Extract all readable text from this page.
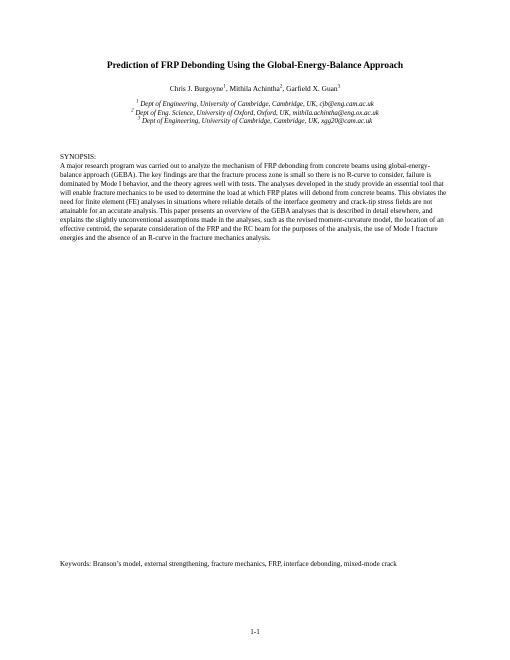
Prediction of FRP Debonding Using the Global-Energy-Balance Approach
Chris J. Burgoyne$^1$, Mithila Achintha$^2$, Garfield X. Guan$^3$
$^1$ Dept of Engineering, University of Cambridge, Cambridge, UK, cjb@eng.cam.ac.uk
$^2$ Dept of Eng. Science, University of Oxford, Oxford, UK, mithila.achintha@eng.ox.ac.uk
$^3$ Dept of Engineering, University of Cambridge, Cambridge, UK, xgg20@cam.ac.uk
SYNOPSIS:
A major research program was carried out to analyze the mechanism of FRP debonding from concrete beams using global-energy-balance approach (GEBA). The key findings are that the fracture process zone is small so there is no R-curve to consider, failure is dominated by Mode I behavior, and the theory agrees well with tests. The analyses developed in the study provide an essential tool that will enable fracture mechanics to be used to determine the load at which FRP plates will debond from concrete beams. This obviates the need for finite element (FE) analyses in situations where reliable details of the interface geometry and crack-tip stress fields are not attainable for an accurate analysis. This paper presents an overview of the GEBA analyses that is described in detail elsewhere, and explains the slightly unconventional assumptions made in the analyses, such as the revised moment-curvature model, the location of an effective centroid, the separate consideration of the FRP and the RC beam for the purposes of the analysis, the use of Mode I fracture energies and the absence of an R-curve in the fracture mechanics analysis.
Keywords: Branson’s model, external strengthening, fracture mechanics, FRP, interface debonding, mixed-mode crack
1-1
